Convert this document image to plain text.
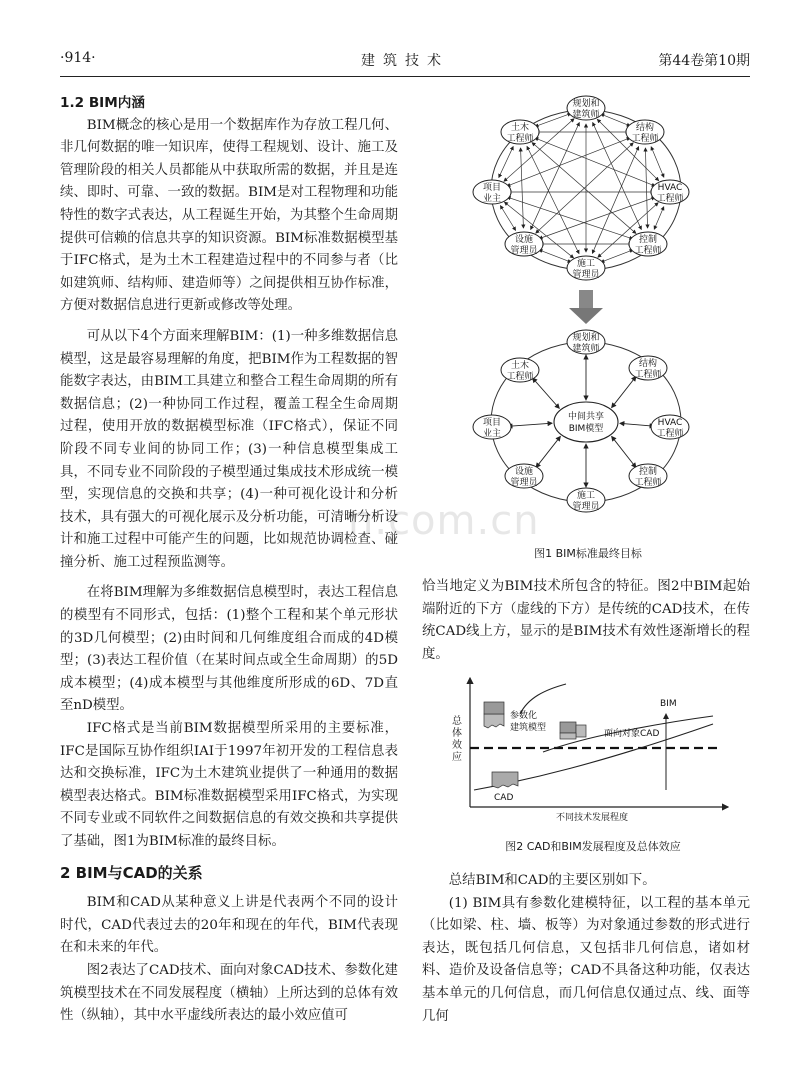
·914·	建筑技术	第44卷第10期
n.com.cn

1.2 BIM内涵

BIM概念的核心是用一个数据库作为存放工程几何、非几何数据的唯一知识库，使得工程规划、设计、施工及管理阶段的相关人员都能从中获取所需的数据，并且是连续、即时、可靠、一致的数据。BIM是对工程物理和功能特性的数字式表达，从工程诞生开始，为其整个生命周期提供可信赖的信息共享的知识资源。BIM标准数据模型基于IFC格式，是为土木工程建造过程中的不同参与者（比如建筑师、结构师、建造师等）之间提供相互协作标准，方便对数据信息进行更新或修改等处理。

可从以下4个方面来理解BIM：(1)一种多维数据信息模型，这是最容易理解的角度，把BIM作为工程数据的智能数字表达，由BIM工具建立和整合工程生命周期的所有数据信息；(2)一种协同工作过程，覆盖工程全生命周期过程，使用开放的数据模型标准（IFC格式），保证不同阶段不同专业间的协同工作；(3)一种信息模型集成工具，不同专业不同阶段的子模型通过集成技术形成统一模型，实现信息的交换和共享；(4)一种可视化设计和分析技术，具有强大的可视化展示及分析功能，可清晰分析设计和施工过程中可能产生的问题，比如规范协调检查、碰撞分析、施工过程预监测等。

在将BIM理解为多维数据信息模型时，表达工程信息的模型有不同形式，包括：(1)整个工程和某个单元形状的3D几何模型；(2)由时间和几何维度组合而成的4D模型；(3)表达工程价值（在某时间点或全生命周期）的5D成本模型；(4)成本模型与其他维度所形成的6D、7D直至nD模型。

IFC格式是当前BIM数据模型所采用的主要标准，IFC是国际互协作组织IAI于1997年初开发的工程信息表达和交换标准，IFC为土木建筑业提供了一种通用的数据模型表达格式。BIM标准数据模型采用IFC格式，为实现不同专业或不同软件之间数据信息的有效交换和共享提供了基础，图1为BIM标准的最终目标。

2 BIM与CAD的关系

BIM和CAD从某种意义上讲是代表两个不同的设计时代，CAD代表过去的20年和现在的年代，BIM代表现在和未来的年代。

图2表达了CAD技术、面向对象CAD技术、参数化建筑模型技术在不同发展程度（横轴）上所达到的总体有效性（纵轴），其中水平虚线所表达的最小效应值可

规划和
建筑师
结构
工程师
HVAC
工程师
控制
工程师
施工
管理员
设施
管理员
项目
业主
土木
工程师
中间共享
BIM模型
规划和
建筑师
结构
工程师
HVAC
工程师
控制
工程师
施工
管理员
设施
管理员
项目
业主
土木
工程师
图1 BIM标准最终目标

恰当地定义为BIM技术所包含的特征。图2中BIM起始端附近的下方（虚线的下方）是传统的CAD技术，在传统CAD线上方，显示的是BIM技术有效性逐渐增长的程度。

总
体
效
应
不同技术发展程度
BIM
参数化
建筑模型
面向对象CAD
CAD
图2 CAD和BIM发展程度及总体效应

总结BIM和CAD的主要区别如下。

(1) BIM具有参数化建模特征，以工程的基本单元（比如梁、柱、墙、板等）为对象通过参数的形式进行表达，既包括几何信息，又包括非几何信息，诸如材料、造价及设备信息等；CAD不具备这种功能，仅表达基本单元的几何信息，而几何信息仅通过点、线、面等几何
